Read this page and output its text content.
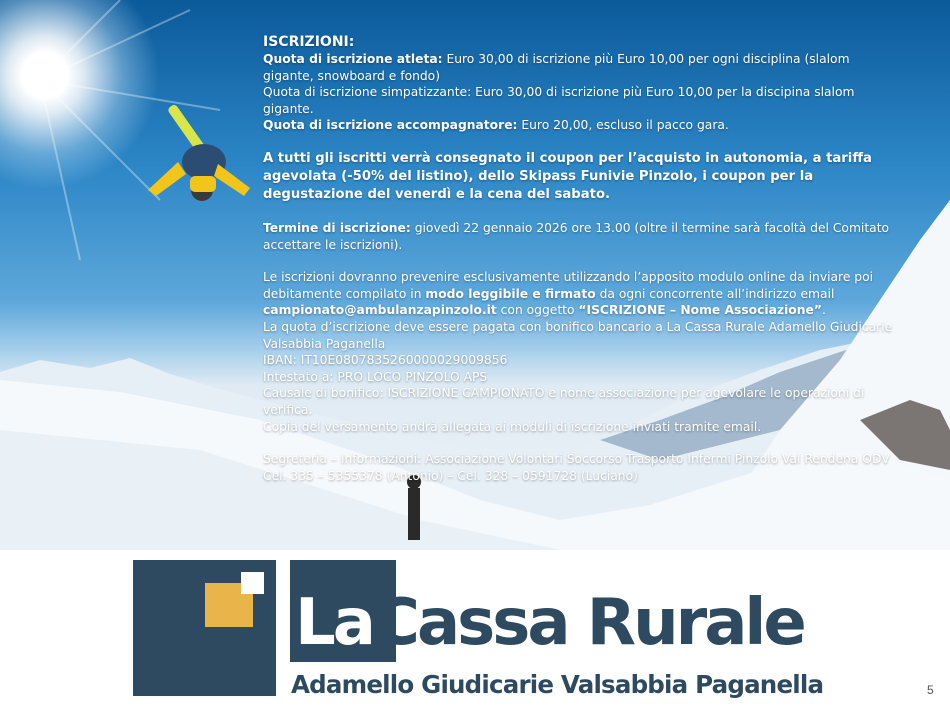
ISCRIZIONI:

Quota di iscrizione atleta: Euro 30,00 di iscrizione più Euro 10,00 per ogni disciplina (slalom gigante, snowboard e fondo)

Quota di iscrizione simpatizzante: Euro 30,00 di iscrizione più Euro 10,00 per la discipina slalom gigante.

Quota di iscrizione accompagnatore: Euro 20,00, escluso il pacco gara.

A tutti gli iscritti verrà consegnato il coupon per l’acquisto in autonomia, a tariffa agevolata (-50% del listino), dello Skipass Funivie Pinzolo, i coupon per la degustazione del venerdì e la cena del sabato.

Termine di iscrizione: giovedì 22 gennaio 2026 ore 13.00 (oltre il termine sarà facoltà del Comitato accettare le iscrizioni).

Le iscrizioni dovranno prevenire esclusivamente utilizzando l’apposito modulo online da inviare poi debitamente compilato in modo leggibile e firmato da ogni concorrente all’indirizzo email
campionato@ambulanzapinzolo.it con oggetto “ISCRIZIONE – Nome Associazione”.

La quota d’iscrizione deve essere pagata con bonifico bancario a La Cassa Rurale Adamello Giudicarie Valsabbia Paganella

IBAN: IT10E0807835260000029009856

Intestato a: PRO LOCO PINZOLO APS

Causale di bonifico: ISCRIZIONE CAMPIONATO e nome associazione per agevolare le operazioni di verifica.

Copia del versamento andrà allegata ai moduli di iscrizione inviati tramite email.

Segreteria – Informazioni: Associazione Volontari Soccorso Trasporto Infermi Pinzolo Val Rendena ODV

Cel. 335 – 5355378 (Antonio) – Cel. 328 – 0591728 (Luciano)

LaCassa Rurale
Adamello Giudicarie Valsabbia Paganella	5
